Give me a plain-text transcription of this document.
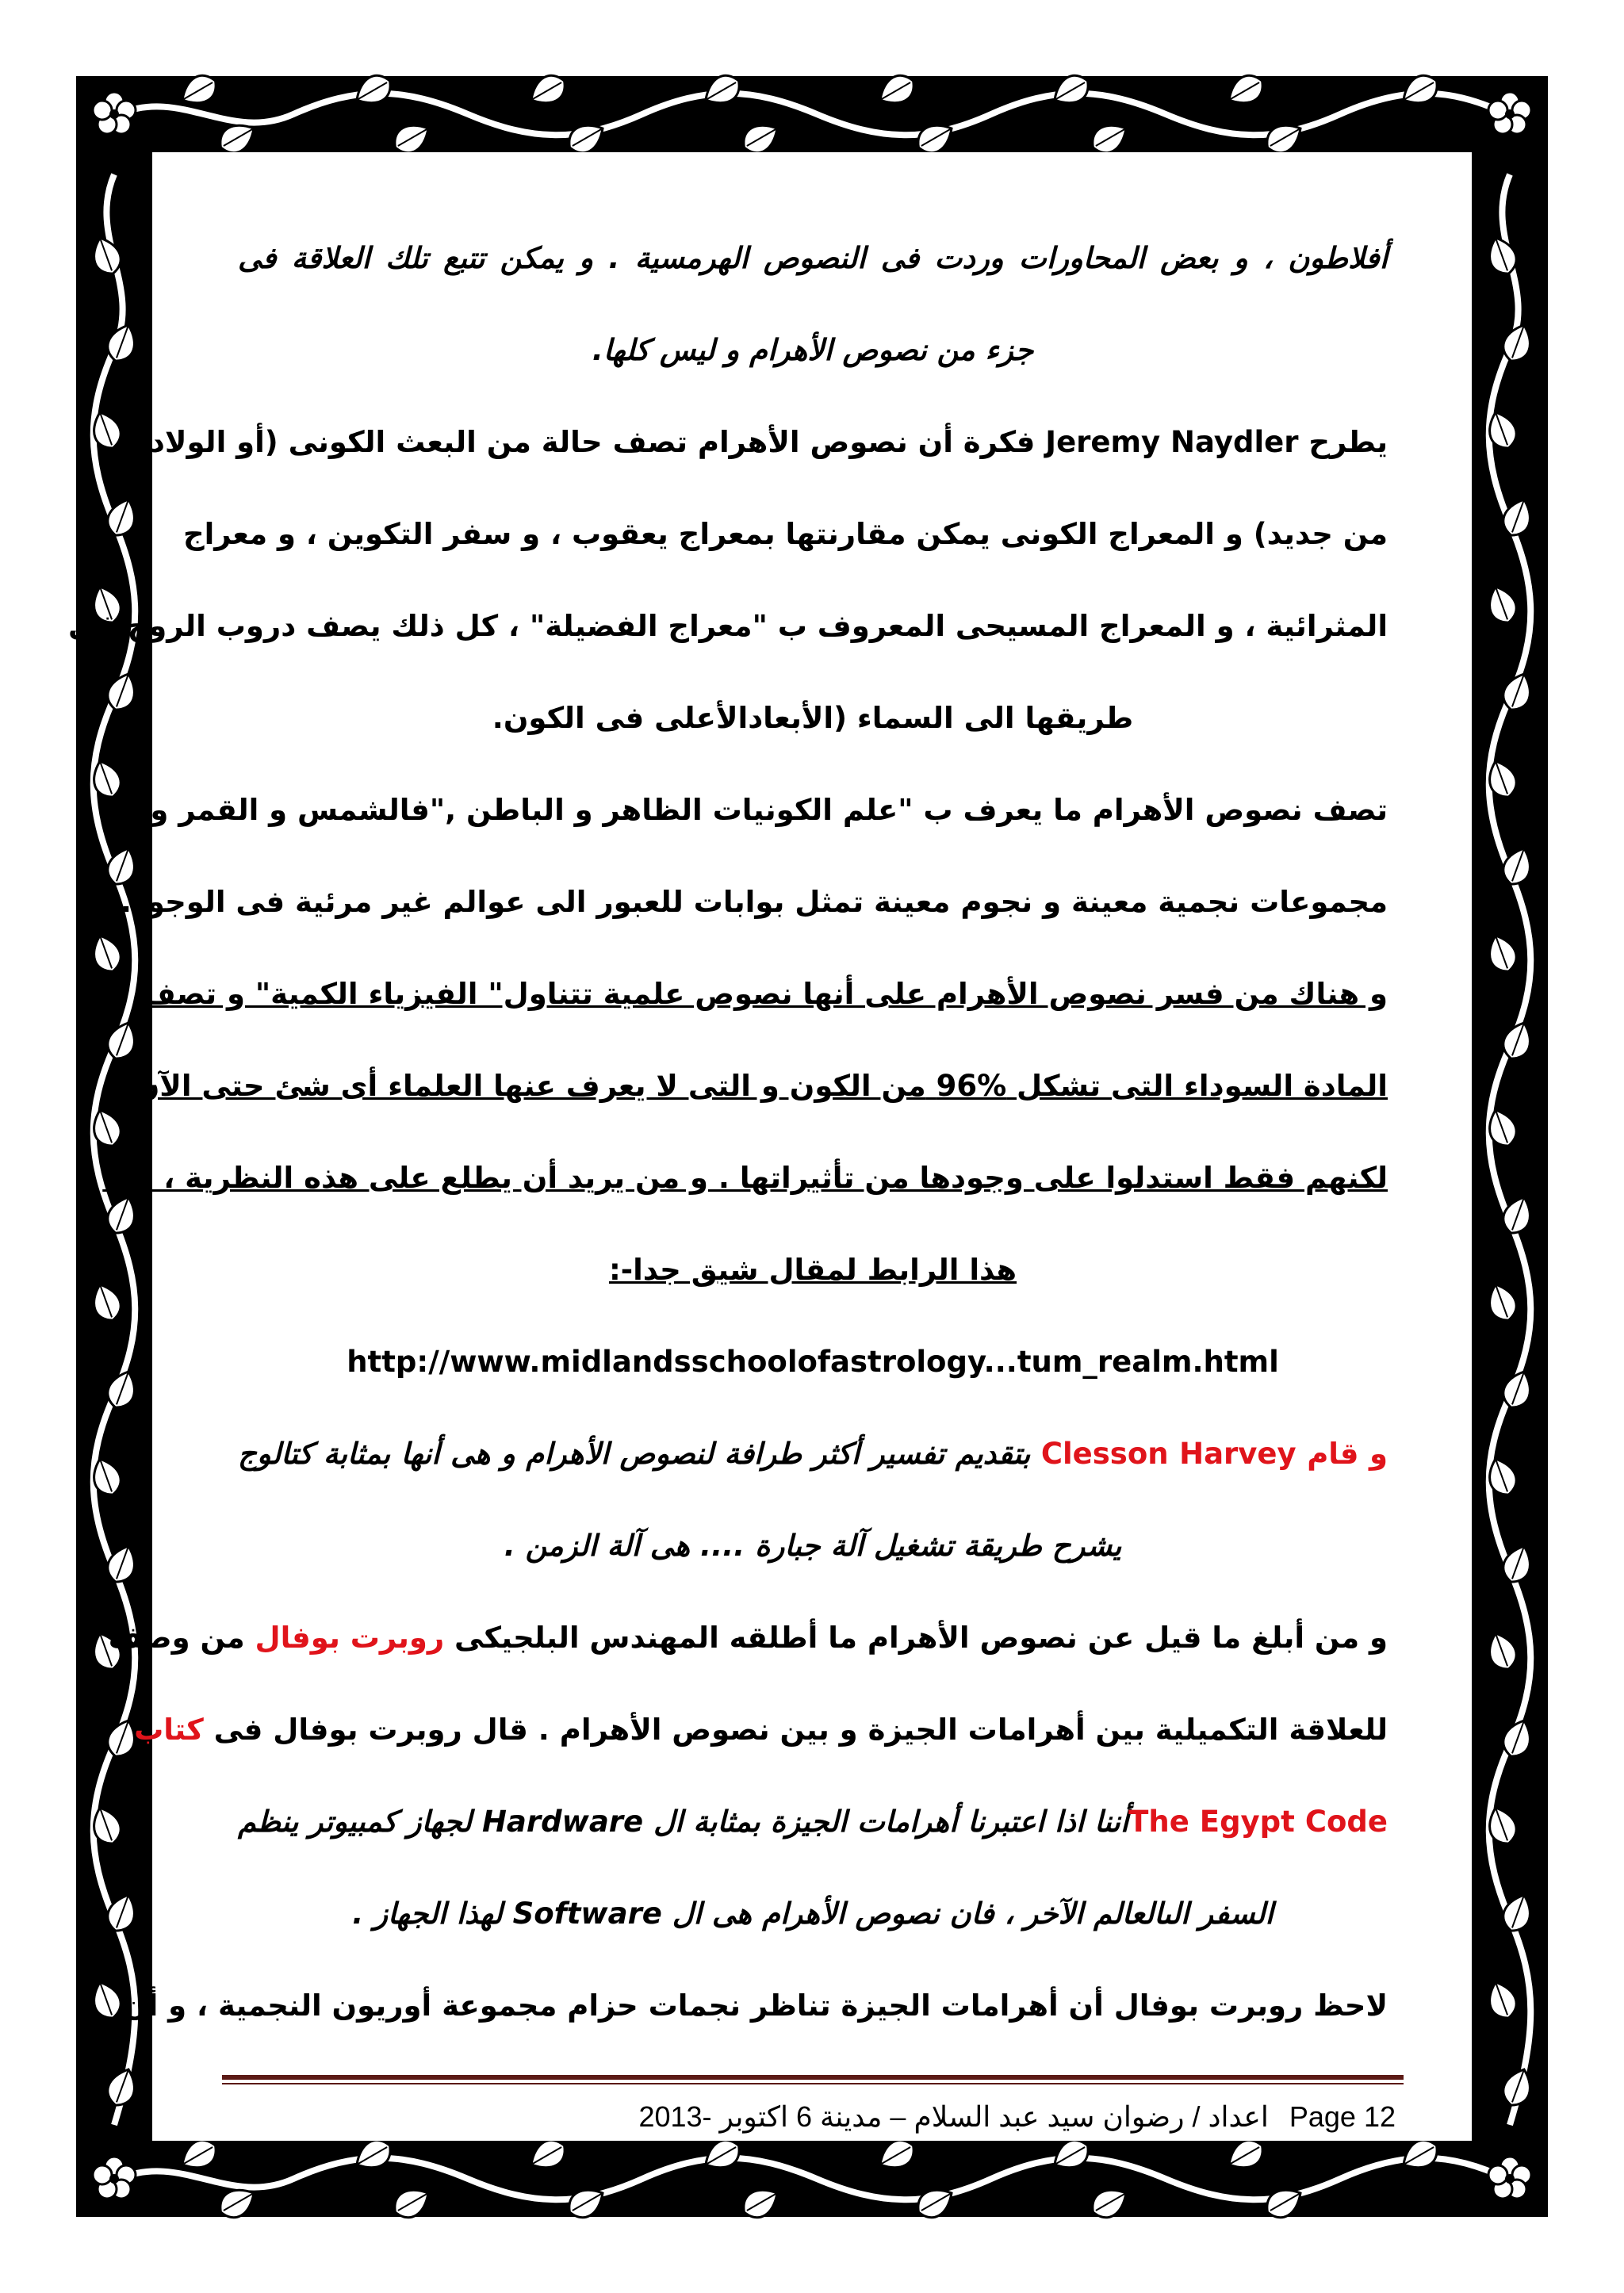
أفلاطون ، و بعض المحاورات وردت فى النصوص الهرمسية . و يمكن تتبع تلك العلاقة فى
جزء من نصوص الأهرام و ليس كلها.
يطرح Jeremy Naydler فكرة أن نصوص الأهرام تصف حالة من البعث الكونى (أو الولادة
من جديد) و المعراج الكونى يمكن مقارنتها بمعراج يعقوب ، و سفر التكوين ، و معراج
المثرائية ، و المعراج المسيحى المعروف ب "معراج الفضيلة" ، كل ذلك يصف دروب الروح فى
طريقها الى السماء (الأبعادالأعلى فى الكون.
تصف نصوص الأهرام ما يعرف ب "علم الكونيات الظاهر و الباطن ,"فالشمس و القمر و
مجموعات نجمية معينة و نجوم معينة تمثل بوابات للعبور الى عوالم غير مرئية فى الوجود.
و هناك من فسر نصوص الأهرام على أنها نصوص علمية تتناول" الفيزياء الكمية" و تصف
المادة السوداء التى تشكل 96% من الكون و التى لا يعرف عنها العلماء أى شئ حتى الآن و
لكنهم فقط استدلوا على وجودها من تأثيراتها . و من يريد أن يطلع على هذه النظرية ، اليه
هذا الرابط لمقال شيق جدا-:
http://www.midlandsschoolofastrology...tum_realm.html
و قام Clesson Harvey بتقديم تفسير أكثر طرافة لنصوص الأهرام و هى أنها بمثابة كتالوج
يشرح طريقة تشغيل آلة جبارة .... هى آلة الزمن .
و من أبلغ ما قيل عن نصوص الأهرام ما أطلقه المهندس البلجيكى روبرت بوفال من وصف
للعلاقة التكميلية بين أهرامات الجيزة و بين نصوص الأهرام . قال روبرت بوفال فى كتاب
The Egypt Codeأننا اذا اعتبرنا أهرامات الجيزة بمثابة ال Hardware لجهاز كمبيوتر ينظم
السفر الىالعالم الآخر ، فان نصوص الأهرام هى ال Software لهذا الجهاز .
لاحظ روبرت بوفال أن أهرامات الجيزة تناظر نجمات حزام مجموعة أوريون النجمية ، و أن
Page 12
اعداد / رضوان سيد عبد السلام – مدينة 6 اكتوبر -2013
